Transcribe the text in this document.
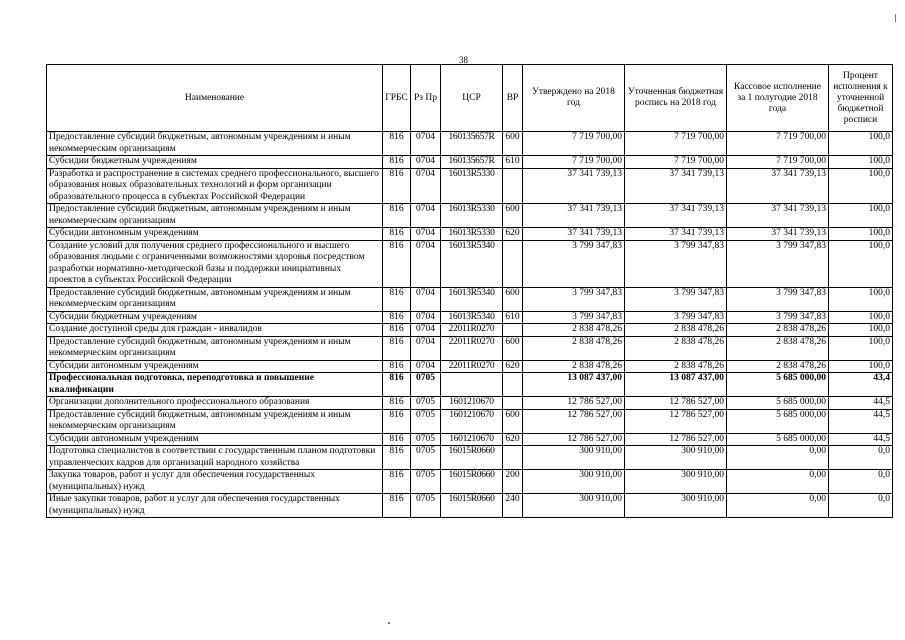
38
Наименование	ГРБС	Рз Пр	ЦСР	ВР	Утверждено на 2018 год	Уточненная бюджетная роспись на 2018 год	Кассовое исполнение за 1 полугодие 2018 года	Процент исполнения к уточненной бюджетной росписи
Предоставление субсидий бюджетным, автономным учреждениям и иным некоммерческим организациям	816	0704	160135657R	600	7 719 700,00	7 719 700,00	7 719 700,00	100,0
Субсидии бюджетным учреждениям	816	0704	160135657R	610	7 719 700,00	7 719 700,00	7 719 700,00	100,0
Разработка и распространение в системах среднего профессионального, высшего образования новых образовательных технологий и форм организации образовательного процесса в субъектах Российской Федерации	816	0704	16013R5330		37 341 739,13	37 341 739,13	37 341 739,13	100,0
Предоставление субсидий бюджетным, автономным учреждениям и иным некоммерческим организациям	816	0704	16013R5330	600	37 341 739,13	37 341 739,13	37 341 739,13	100,0
Субсидии автономным учреждениям	816	0704	16013R5330	620	37 341 739,13	37 341 739,13	37 341 739,13	100,0
Создание условий для получения среднего профессионального и высшего образования людьми с ограниченными возможностями здоровья посредством разработки нормативно-методической базы и поддержки инициативных проектов в субъектах Российской Федерации	816	0704	16013R5340		3 799 347,83	3 799 347,83	3 799 347,83	100,0
Предоставление субсидий бюджетным, автономным учреждениям и иным некоммерческим организациям	816	0704	16013R5340	600	3 799 347,83	3 799 347,83	3 799 347,83	100,0
Субсидии бюджетным учреждениям	816	0704	16013R5340	610	3 799 347,83	3 799 347,83	3 799 347,83	100,0
Создание доступной среды для граждан - инвалидов	816	0704	22011R0270		2 838 478,26	2 838 478,26	2 838 478,26	100,0
Предоставление субсидий бюджетным, автономным учреждениям и иным некоммерческим организациям	816	0704	22011R0270	600	2 838 478,26	2 838 478,26	2 838 478,26	100,0
Субсидии автономным учреждениям	816	0704	22011R0270	620	2 838 478,26	2 838 478,26	2 838 478,26	100,0
Профессиональная подготовка, переподготовка и повышение квалификации	816	0705			13 087 437,00	13 087 437,00	5 685 000,00	43,4
Организации дополнительного профессионального образования	816	0705	1601210670		12 786 527,00	12 786 527,00	5 685 000,00	44,5
Предоставление субсидий бюджетным, автономным учреждениям и иным некоммерческим организациям	816	0705	1601210670	600	12 786 527,00	12 786 527,00	5 685 000,00	44,5
Субсидии автономным учреждениям	816	0705	1601210670	620	12 786 527,00	12 786 527,00	5 685 000,00	44,5
Подготовка специалистов в соответствии с государственным планом подготовки управленческих кадров для организаций народного хозяйства	816	0705	16015R0660		300 910,00	300 910,00	0,00	0,0
Закупка товаров, работ и услуг для обеспечения государственных (муниципальных) нужд	816	0705	16015R0660	200	300 910,00	300 910,00	0,00	0,0
Иные закупки товаров, работ и услуг для обеспечения государственных (муниципальных) нужд	816	0705	16015R0660	240	300 910,00	300 910,00	0,00	0,0
